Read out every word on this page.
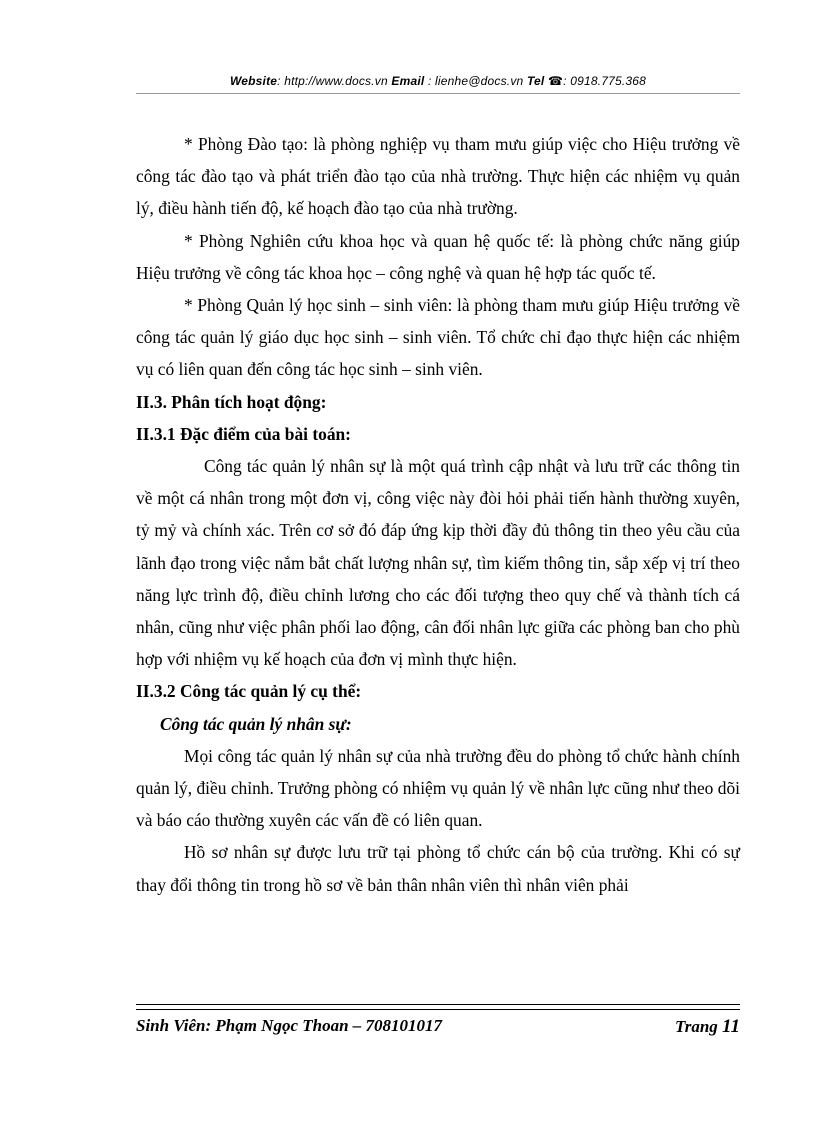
Website: http://www.docs.vn Email : lienhe@docs.vn Tel ☎: 0918.775.368

* Phòng Đào tạo: là phòng nghiệp vụ tham mưu giúp việc cho Hiệu trưởng về công tác đào tạo và phát triển đào tạo của nhà trường. Thực hiện các nhiệm vụ quản lý, điều hành tiến độ, kế hoạch đào tạo của nhà trường.

* Phòng Nghiên cứu khoa học và quan hệ quốc tế: là phòng chức năng giúp Hiệu trưởng về công tác khoa học – công nghệ và quan hệ hợp tác quốc tế.

* Phòng Quản lý học sinh – sinh viên: là phòng tham mưu giúp Hiệu trưởng về công tác quản lý giáo dục học sinh – sinh viên. Tổ chức chỉ đạo thực hiện các nhiệm vụ có liên quan đến công tác học sinh – sinh viên.

II.3. Phân tích hoạt động:

II.3.1 Đặc điểm của bài toán:

Công tác quản lý nhân sự là một quá trình cập nhật và lưu trữ các thông tin về một cá nhân trong một đơn vị, công việc này đòi hỏi phải tiến hành thường xuyên, tỷ mỷ và chính xác. Trên cơ sở đó đáp ứng kịp thời đầy đủ thông tin theo yêu cầu của lãnh đạo trong việc nắm bắt chất lượng nhân sự, tìm kiếm thông tin, sắp xếp vị trí theo năng lực trình độ, điều chỉnh lương cho các đối tượng theo quy chế và thành tích cá nhân, cũng như việc phân phối lao động, cân đối nhân lực giữa các phòng ban cho phù hợp với nhiệm vụ kế hoạch của đơn vị mình thực hiện.

II.3.2 Công tác quản lý cụ thể:

Công tác quản lý nhân sự:

Mọi công tác quản lý nhân sự của nhà trường đều do phòng tổ chức hành chính quản lý, điều chỉnh. Trưởng phòng có nhiệm vụ quản lý về nhân lực cũng như theo dõi và báo cáo thường xuyên các vấn đề có liên quan.

Hồ sơ nhân sự được lưu trữ tại phòng tổ chức cán bộ của trường. Khi có sự thay đổi thông tin trong hồ sơ về bản thân nhân viên thì nhân viên phải

Sinh Viên: Phạm Ngọc Thoan – 708101017	Trang 11
